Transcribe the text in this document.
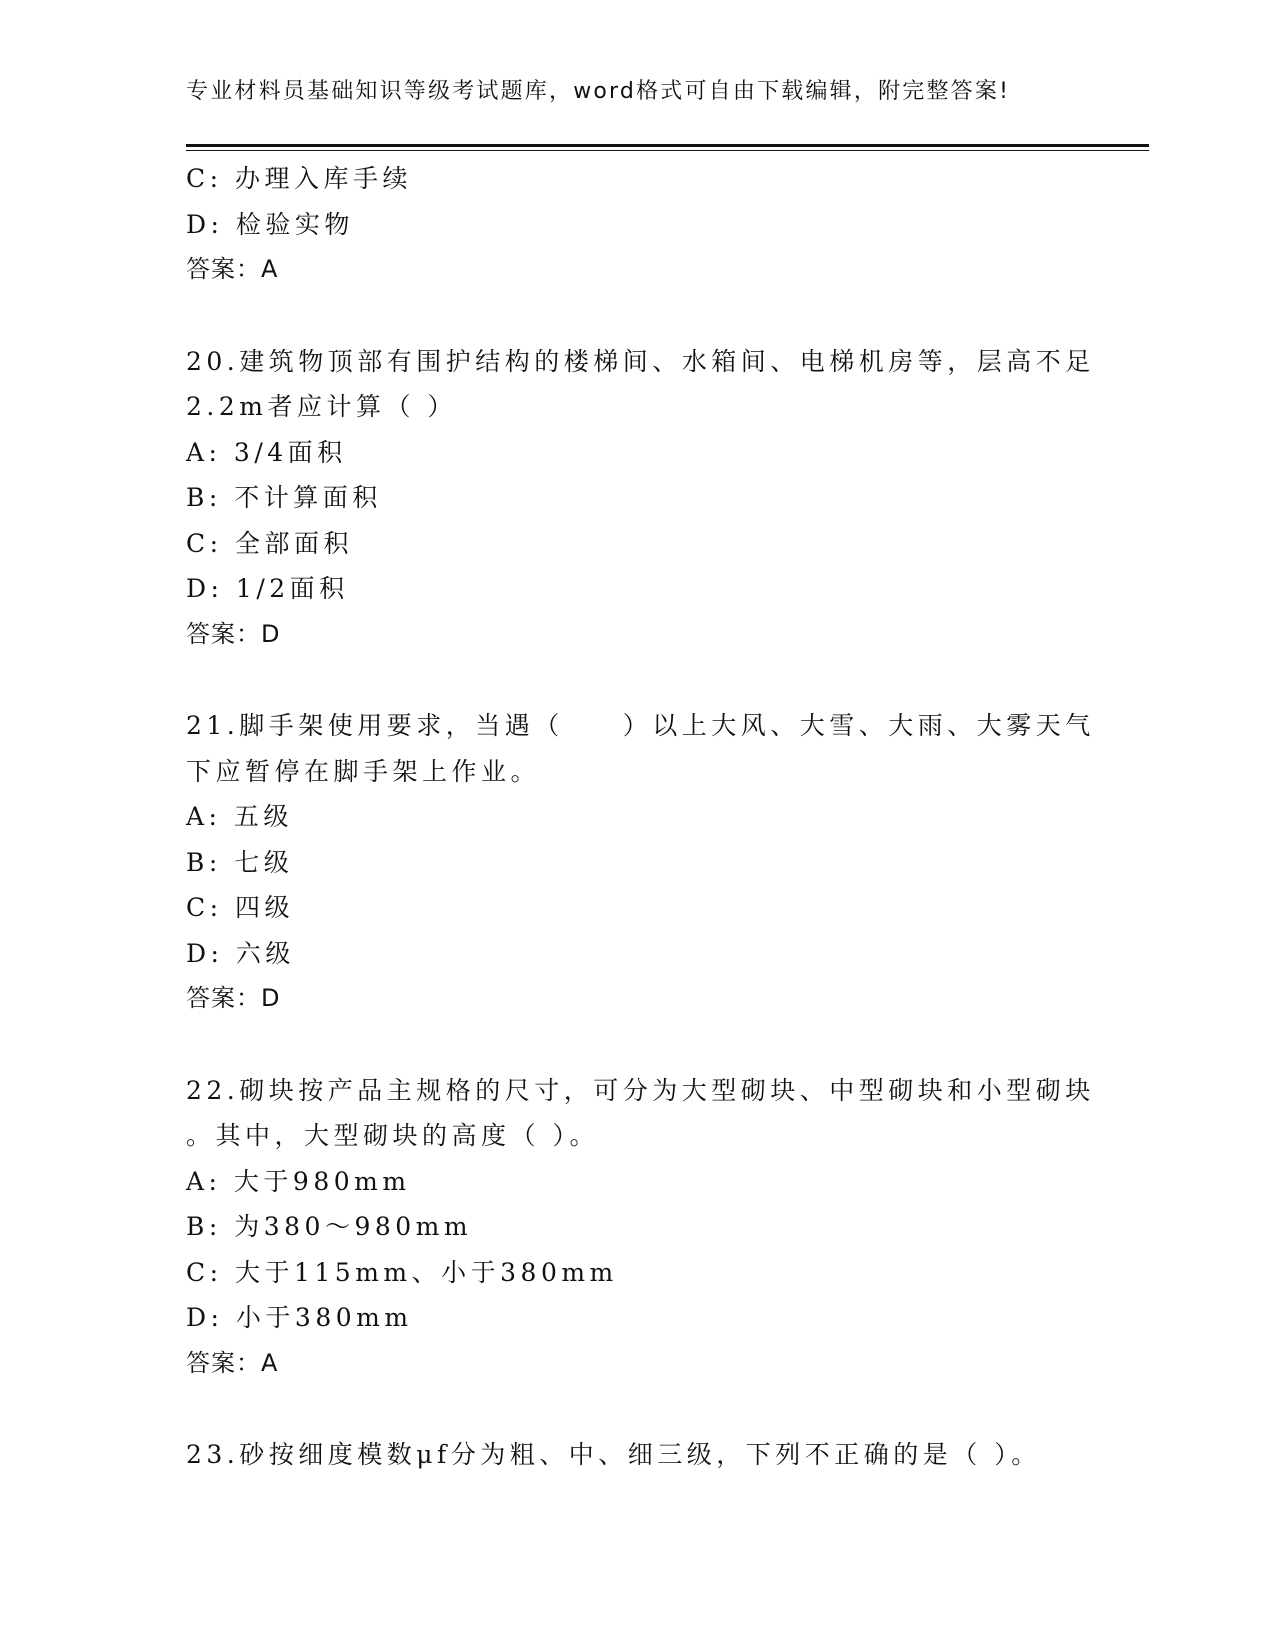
专业材料员基础知识等级考试题库，word格式可自由下载编辑，附完整答案!
C: 办理入库手续
D: 检验实物
答案：A
20.建筑物顶部有围护结构的楼梯间、水箱间、电梯机房等，层高不足
2.2m者应计算（ ）
A: 3/4面积
B: 不计算面积
C: 全部面积
D: 1/2面积
答案：D
21.脚手架使用要求，当遇（　　）以上大风、大雪、大雨、大雾天气
下应暂停在脚手架上作业。
A: 五级
B: 七级
C: 四级
D: 六级
答案：D
22.砌块按产品主规格的尺寸，可分为大型砌块、中型砌块和小型砌块
。其中，大型砌块的高度（ ）。
A: 大于980mm
B: 为380～980mm
C: 大于115mm、小于380mm
D: 小于380mm
答案：A
23.砂按细度模数μf分为粗、中、细三级，下列不正确的是（ ）。
